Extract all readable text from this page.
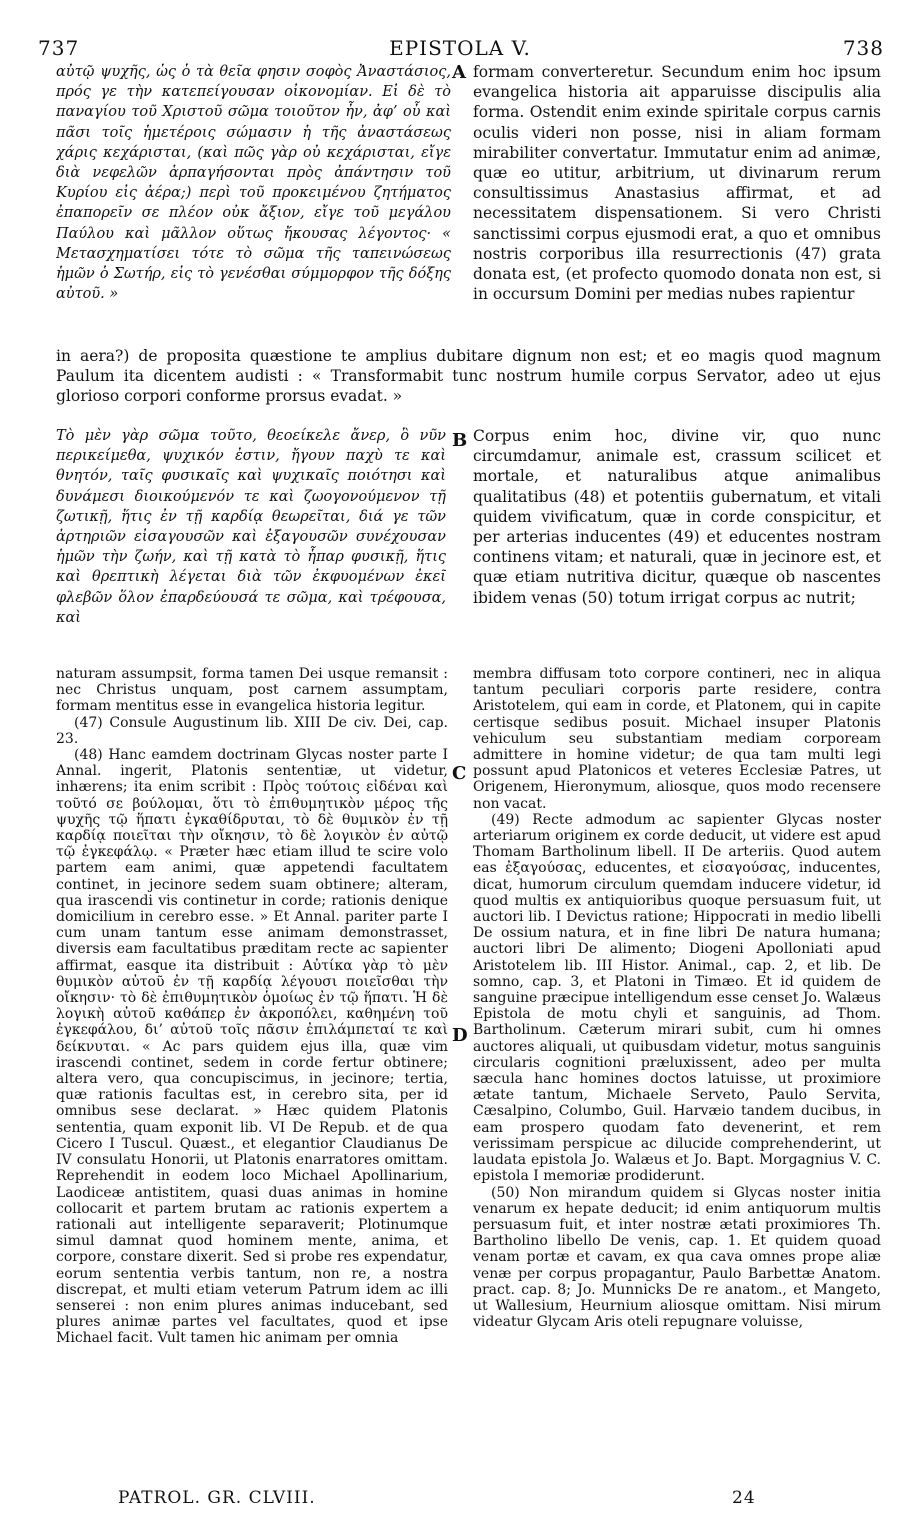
737	EPISTOLA V.	738
αὐτῷ ψυχῆς, ὡς ὁ τὰ θεῖα φησιν σοφὸς Ἀναστάσιος, πρός γε τὴν κατεπείγουσαν οἰκονομίαν. Εἰ δὲ τὸ παναγίου τοῦ Χριστοῦ σῶμα τοιοῦτον ἦν, ἀφ’ οὗ καὶ πᾶσι τοῖς ἡμετέροις σώμασιν ἡ τῆς ἀναστάσεως χάρις κεχάρισται, (καὶ πῶς γὰρ οὐ κεχάρισται, εἴγε διὰ νεφελῶν ἁρπαγήσονται πρὸς ἀπάντησιν τοῦ Κυρίου εἰς ἀέρα;) περὶ τοῦ προκειμένου ζητήματος ἐπαπορεῖν σε πλέον οὐκ ἄξιον, εἴγε τοῦ μεγάλου Παύλου καὶ μᾶλλον οὕτως ἤκουσας λέγοντος· « Μετασχηματίσει τότε τὸ σῶμα τῆς ταπεινώσεως ἡμῶν ὁ Σωτήρ, εἰς τὸ γενέσθαι σύμμορφον τῆς δόξης αὐτοῦ. »
A formam converteretur. Secundum enim hoc ipsum evangelica historia ait apparuisse discipulis alia forma. Ostendit enim exinde spiritale corpus carnis oculis videri non posse, nisi in aliam formam mirabiliter convertatur. Immutatur enim ad animæ, quæ eo utitur, arbitrium, ut divinarum rerum consultissimus Anastasius affirmat, et ad necessitatem dispensationem. Si vero Christi sanctissimi corpus ejusmodi erat, a quo et omnibus nostris corporibus illa resurrectionis (47) grata donata est, (et profecto quomodo donata non est, si in occursum Domini per medias nubes rapientur
in aera?) de proposita quæstione te amplius dubitare dignum non est; et eo magis quod magnum Paulum ita dicentem audisti : « Transformabit tunc nostrum humile corpus Servator, adeo ut ejus glorioso corpori conforme prorsus evadat. »
Τὸ μὲν γὰρ σῶμα τοῦτο, θεοείκελε ἄνερ, ὃ νῦν περικείμεθα, ψυχικόν ἐστιν, ἤγουν παχὺ τε καὶ θνητόν, ταῖς φυσικαῖς καὶ ψυχικαῖς ποιότησι καὶ δυνάμεσι διοικούμενόν τε καὶ ζωογονούμενον τῇ ζωτικῇ, ἥτις ἐν τῇ καρδίᾳ θεωρεῖται, διά γε τῶν ἀρτηριῶν εἰσαγουσῶν καὶ ἐξαγουσῶν συνέχουσαν ἡμῶν τὴν ζωήν, καὶ τῇ κατὰ τὸ ἧπαρ φυσικῇ, ἥτις καὶ θρεπτικὴ λέγεται διὰ τῶν ἐκφυομένων ἐκεῖ φλεβῶν ὅλον ἐπαρδεύουσά τε σῶμα, καὶ τρέφουσα, καὶ
B Corpus enim hoc, divine vir, quo nunc circumdamur, animale est, crassum scilicet et mortale, et naturalibus atque animalibus qualitatibus (48) et potentiis gubernatum, et vitali quidem vivificatum, quæ in corde conspicitur, et per arterias inducentes (49) et educentes nostram continens vitam; et naturali, quæ in jecinore est, et quæ etiam nutritiva dicitur, quæque ob nascentes ibidem venas (50) totum irrigat corpus ac nutrit;

naturam assumpsit, forma tamen Dei usque remansit : nec Christus unquam, post carnem assumptam, formam mentitus esse in evangelica historia legitur.

(47) Consule Augustinum lib. XIII De civ. Dei, cap. 23.

(48) Hanc eamdem doctrinam Glycas noster parte I Annal. ingerit, Platonis sententiæ, ut videtur, inhærens; ita enim scribit : Πρὸς τούτοις εἰδέναι καὶ τοῦτό σε βούλομαι, ὅτι τὸ ἐπιθυμητικὸν μέρος τῆς ψυχῆς τῷ ἥπατι ἐγκαθίδρυται, τὸ δὲ θυμικὸν ἐν τῇ καρδίᾳ ποιεῖται τὴν οἴκησιν, τὸ δὲ λογικὸν ἐν αὐτῷ τῷ ἐγκεφάλῳ. « Præter hæc etiam illud te scire volo partem eam animi, quæ appetendi facultatem continet, in jecinore sedem suam obtinere; alteram, qua irascendi vis continetur in corde; rationis denique domicilium in cerebro esse. » Et Annal. pariter parte I cum unam tantum esse animam demonstrasset, diversis eam facultatibus præditam recte ac sapienter affirmat, easque ita distribuit : Αὐτίκα γὰρ τὸ μὲν θυμικὸν αὐτοῦ ἐν τῇ καρδίᾳ λέγουσι ποιεῖσθαι τὴν οἴκησιν· τὸ δὲ ἐπιθυμητικὸν ὁμοίως ἐν τῷ ἥπατι. Ἡ δὲ λογικὴ αὐτοῦ καθάπερ ἐν ἀκροπόλει, καθημένη τοῦ ἐγκεφάλου, δι’ αὐτοῦ τοῖς πᾶσιν ἐπιλάμπεταί τε καὶ δείκνυται. « Ac pars quidem ejus illa, quæ vim irascendi continet, sedem in corde fertur obtinere; altera vero, qua concupiscimus, in jecinore; tertia, quæ rationis facultas est, in cerebro sita, per id omnibus sese declarat. » Hæc quidem Platonis sententia, quam exponit lib. VI De Repub. et de qua Cicero I Tuscul. Quæst., et elegantior Claudianus De IV consulatu Honorii, ut Platonis enarratores omittam. Reprehendit in eodem loco Michael Apollinarium, Laodiceæ antistitem, quasi duas animas in homine collocarit et partem brutam ac rationis expertem a rationali aut intelligente separaverit; Plotinumque simul damnat quod hominem mente, anima, et corpore, constare dixerit. Sed si probe res expendatur, eorum sententia verbis tantum, non re, a nostra discrepat, et multi etiam veterum Patrum idem ac illi senserei : non enim plures animas inducebant, sed plures animæ partes vel facultates, quod et ipse Michael facit. Vult tamen hic animam per omnia

C
D

membra diffusam toto corpore contineri, nec in aliqua tantum peculiari corporis parte residere, contra Aristotelem, qui eam in corde, et Platonem, qui in capite certisque sedibus posuit. Michael insuper Platonis vehiculum seu substantiam mediam corpoream admittere in homine videtur; de qua tam multi legi possunt apud Platonicos et veteres Ecclesiæ Patres, ut Origenem, Hieronymum, aliosque, quos modo recensere non vacat.

(49) Recte admodum ac sapienter Glycas noster arteriarum originem ex corde deducit, ut videre est apud Thomam Bartholinum libell. II De arteriis. Quod autem eas ἐξαγούσας, educentes, et εἰσαγούσας, inducentes, dicat, humorum circulum quemdam inducere videtur, id quod multis ex antiquioribus quoque persuasum fuit, ut auctori lib. I Devictus ratione; Hippocrati in medio libelli De ossium natura, et in fine libri De natura humana; auctori libri De alimento; Diogeni Apolloniati apud Aristotelem lib. III Histor. Animal., cap. 2, et lib. De somno, cap. 3, et Platoni in Timæo. Et id quidem de sanguine præcipue intelligendum esse censet Jo. Walæus Epistola de motu chyli et sanguinis, ad Thom. Bartholinum. Cæterum mirari subit, cum hi omnes auctores aliquali, ut quibusdam videtur, motus sanguinis circularis cognitioni præluxissent, adeo per multa sæcula hanc homines doctos latuisse, ut proximiore ætate tantum, Michaele Serveto, Paulo Servita, Cæsalpino, Columbo, Guil. Harvæio tandem ducibus, in eam prospero quodam fato devenerint, et rem verissimam perspicue ac dilucide comprehenderint, ut laudata epistola Jo. Walæus et Jo. Bapt. Morgagnius V. C. epistola I memoriæ prodiderunt.

(50) Non mirandum quidem si Glycas noster initia venarum ex hepate deducit; id enim antiquorum multis persuasum fuit, et inter nostræ ætati proximiores Th. Bartholino libello De venis, cap. 1. Et quidem quoad venam portæ et cavam, ex qua cava omnes prope aliæ venæ per corpus propagantur, Paulo Barbettæ Anatom. pract. cap. 8; Jo. Munnicks De re anatom., et Mangeto, ut Wallesium, Heurnium aliosque omittam. Nisi mirum videatur Glycam Aris oteli repugnare voluisse,

PATROL. GR. CLVIII.	24
